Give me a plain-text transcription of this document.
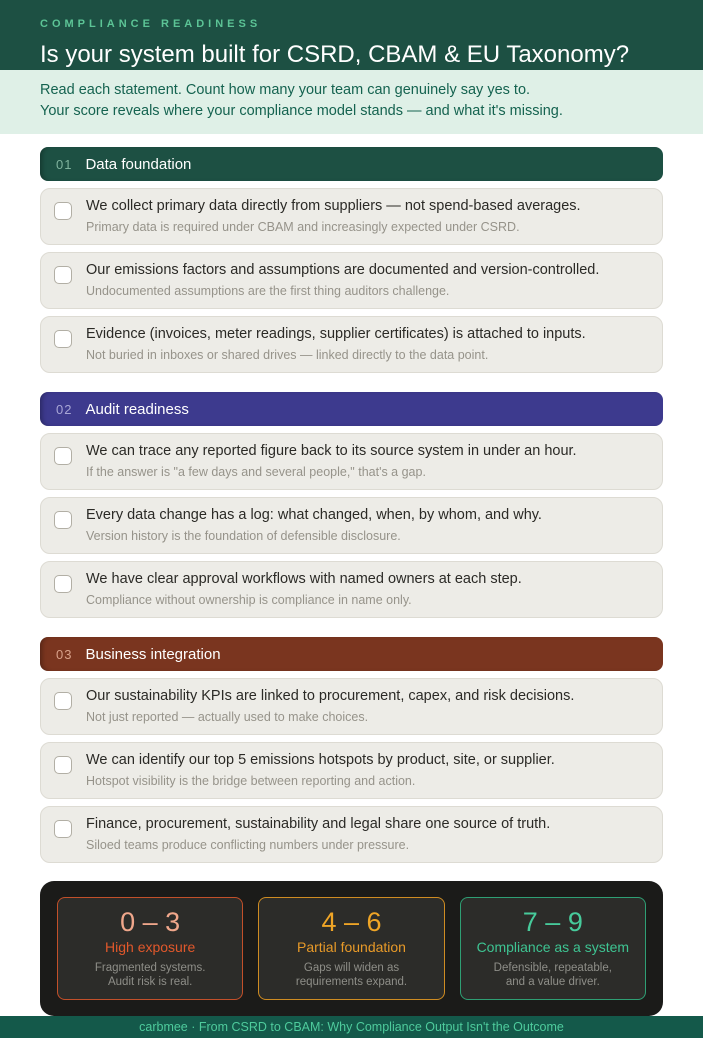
COMPLIANCE READINESS
Is your system built for CSRD, CBAM & EU Taxonomy?

Read each statement. Count how many your team can genuinely say yes to.

Your score reveals where your compliance model stands — and what it's missing.

01 Data foundation
We collect primary data directly from suppliers — not spend-based averages.
Primary data is required under CBAM and increasingly expected under CSRD.
Our emissions factors and assumptions are documented and version-controlled.
Undocumented assumptions are the first thing auditors challenge.
Evidence (invoices, meter readings, supplier certificates) is attached to inputs.
Not buried in inboxes or shared drives — linked directly to the data point.
02 Audit readiness
We can trace any reported figure back to its source system in under an hour.
If the answer is "a few days and several people," that's a gap.
Every data change has a log: what changed, when, by whom, and why.
Version history is the foundation of defensible disclosure.
We have clear approval workflows with named owners at each step.
Compliance without ownership is compliance in name only.
03 Business integration
Our sustainability KPIs are linked to procurement, capex, and risk decisions.
Not just reported — actually used to make choices.
We can identify our top 5 emissions hotspots by product, site, or supplier.
Hotspot visibility is the bridge between reporting and action.
Finance, procurement, sustainability and legal share one source of truth.
Siloed teams produce conflicting numbers under pressure.
0 – 3
High exposure
Fragmented systems.
Audit risk is real.
4 – 6
Partial foundation
Gaps will widen as
requirements expand.
7 – 9
Compliance as a system
Defensible, repeatable,
and a value driver.
carbmee · From CSRD to CBAM: Why Compliance Output Isn't the Outcome
